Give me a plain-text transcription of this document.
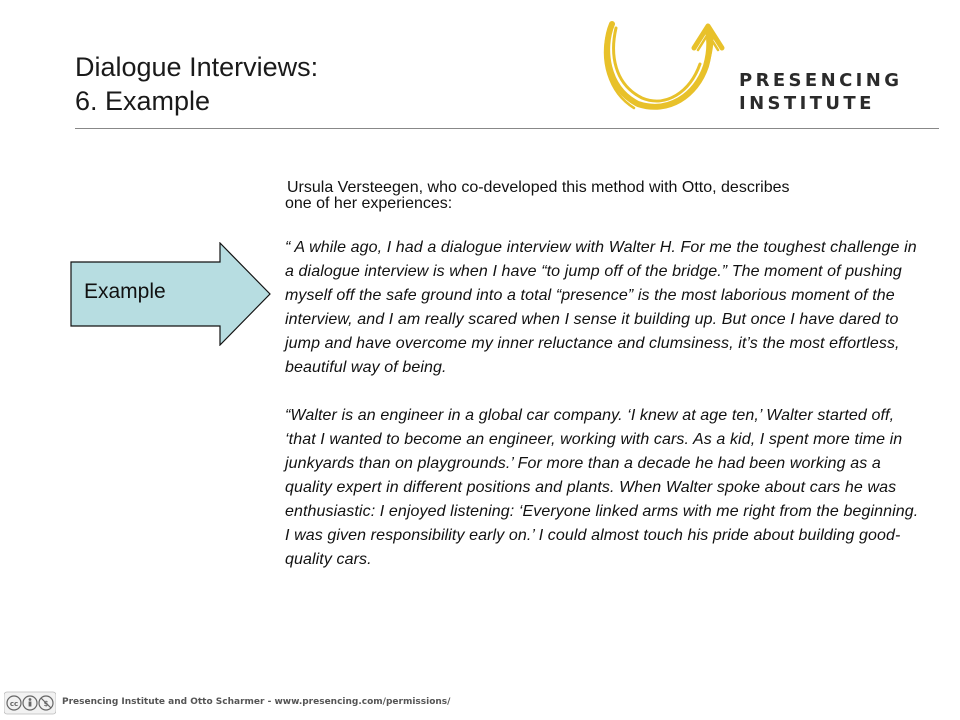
Dialogue Interviews:
6. Example
PRESENCING
INSTITUTE
Example

Ursula Versteegen, who co-developed this method with Otto, describes
one of her experiences:

“ A while ago, I had a dialogue interview with Walter H. For me the toughest challenge in a dialogue interview is when I have “to jump off of the bridge.” The moment of pushing myself off the safe ground into a total “presence” is the most laborious moment of the interview, and I am really scared when I sense it building up. But once I have dared to jump and have overcome my inner reluctance and clumsiness, it’s the most effortless, beautiful way of being.

“Walter is an engineer in a global car company. ‘I knew at age ten,’ Walter started off, ‘that I wanted to become an engineer, working with cars. As a kid, I spent more time in junkyards than on playgrounds.’ For more than a decade he had been working as a quality expert in different positions and plants. When Walter spoke about cars he was enthusiastic: I enjoyed listening: ‘Everyone linked arms with me right from the beginning. I was given responsibility early on.’ I could almost touch his pride about building good-quality cars.

cc	$ Presencing Institute and Otto Scharmer - www.presencing.com/permissions/
